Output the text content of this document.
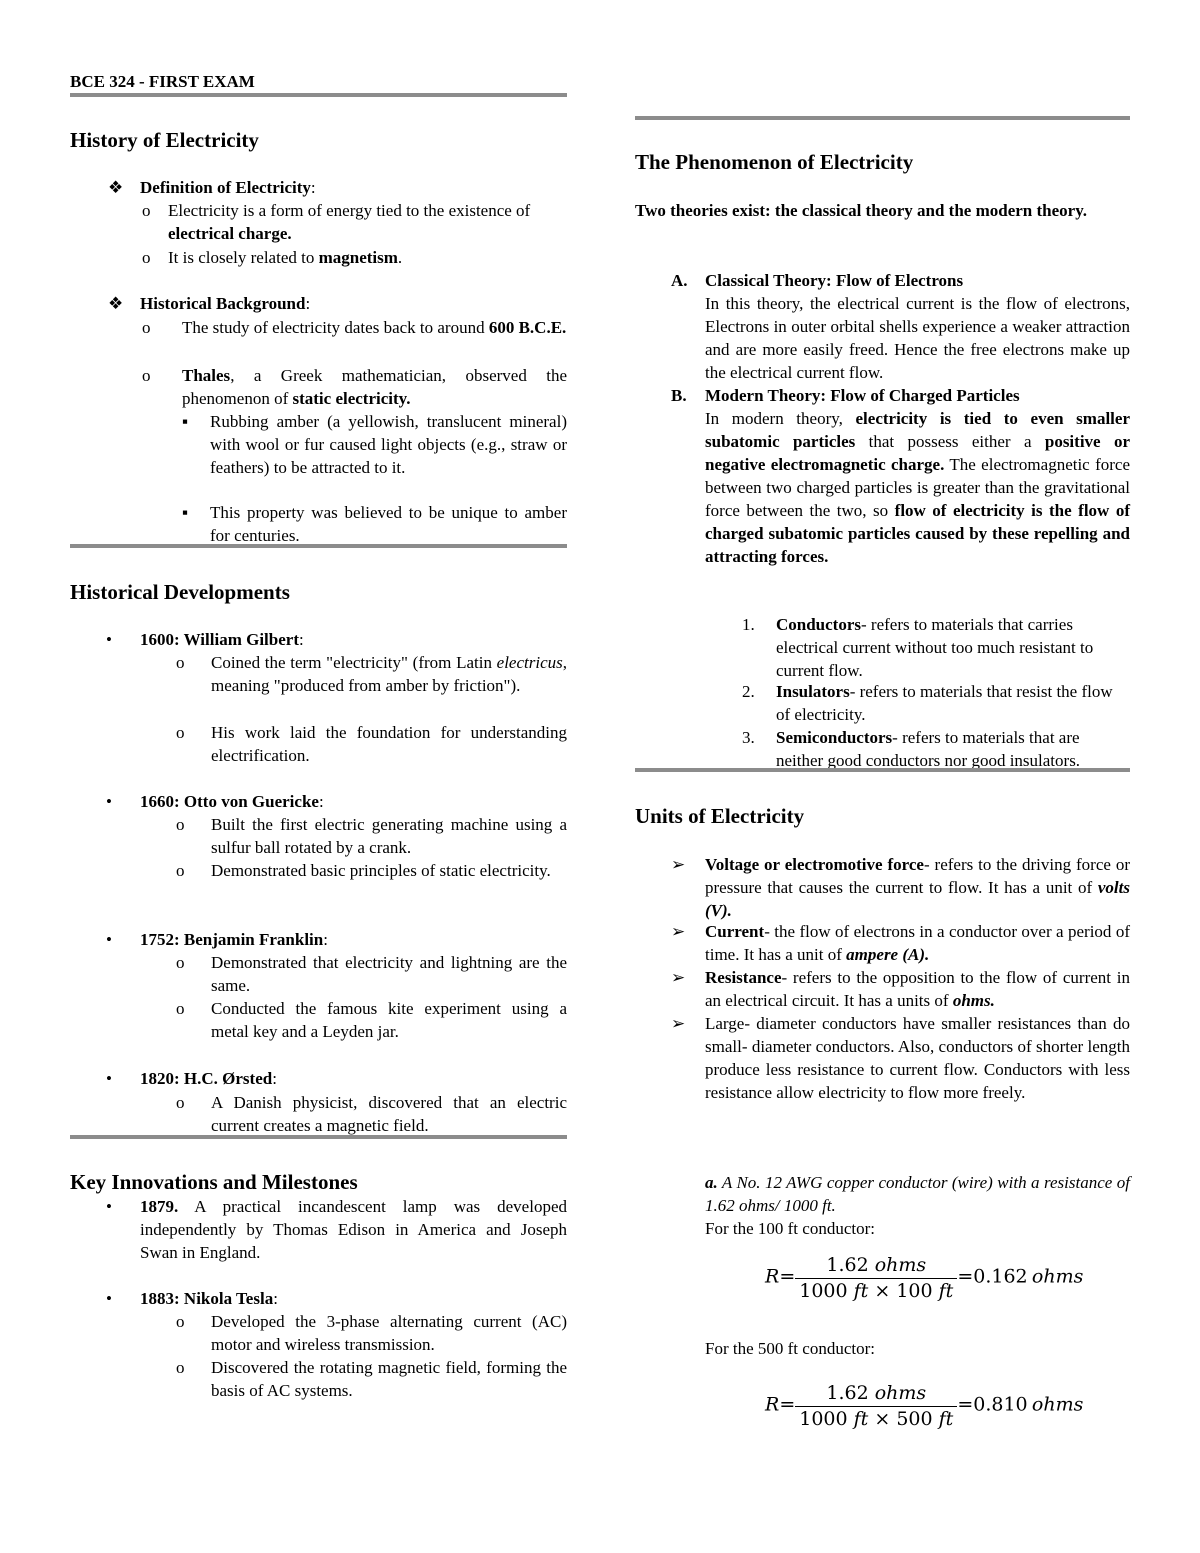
BCE 324 - FIRST EXAM
History of Electricity
❖ Definition of Electricity:
o Electricity is a form of energy tied to the existence of electrical charge.
o It is closely related to magnetism.
❖ Historical Background:
o The study of electricity dates back to around 600 B.C.E.
o Thales, a Greek mathematician, observed the phenomenon of static electricity.
▪ Rubbing amber (a yellowish, translucent mineral) with wool or fur caused light objects (e.g., straw or feathers) to be attracted to it.
▪ This property was believed to be unique to amber for centuries.
Historical Developments
• 1600: William Gilbert:
o Coined the term "electricity" (from Latin electricus, meaning "produced from amber by friction").
o His work laid the foundation for understanding electrification.
• 1660: Otto von Guericke:
o Built the first electric generating machine using a sulfur ball rotated by a crank.
o Demonstrated basic principles of static electricity.
• 1752: Benjamin Franklin:
o Demonstrated that electricity and lightning are the same.
o Conducted the famous kite experiment using a metal key and a Leyden jar.
• 1820: H.C. Ørsted:
o A Danish physicist, discovered that an electric current creates a magnetic field.
Key Innovations and Milestones
• 1879. A practical incandescent lamp was developed independently by Thomas Edison in America and Joseph Swan in England.
• 1883: Nikola Tesla:
o Developed the 3-phase alternating current (AC) motor and wireless transmission.
o Discovered the rotating magnetic field, forming the basis of AC systems.
The Phenomenon of Electricity
Two theories exist: the classical theory and the modern theory.
A. Classical Theory: Flow of Electrons
In this theory, the electrical current is the flow of electrons, Electrons in outer orbital shells experience a weaker attraction and are more easily freed. Hence the free electrons make up the electrical current flow.
B. Modern Theory: Flow of Charged Particles
In modern theory, electricity is tied to even smaller subatomic particles that possess either a positive or negative electromagnetic charge. The electromagnetic force between two charged particles is greater than the gravitational force between the two, so flow of electricity is the flow of charged subatomic particles caused by these repelling and attracting forces.
1. Conductors- refers to materials that carries electrical current without too much resistant to current flow.
2. Insulators- refers to materials that resist the flow of electricity.
3. Semiconductors- refers to materials that are neither good conductors nor good insulators.
Units of Electricity
➢ Voltage or electromotive force- refers to the driving force or pressure that causes the current to flow. It has a unit of volts (V).
➢ Current- the flow of electrons in a conductor over a period of time. It has a unit of ampere (A).
➢ Resistance- refers to the opposition to the flow of current in an electrical circuit. It has a units of ohms.
➢ Large- diameter conductors have smaller resistances than do small- diameter conductors. Also, conductors of shorter length produce less resistance to current flow. Conductors with less resistance allow electricity to flow more freely.
a. A No. 12 AWG copper conductor (wire) with a resistance of 1.62 ohms/ 1000 ft.
For the 100 ft conductor:
$R= \frac{\text{1.62 ohms}}{1000 ft \times 100 ft} =0.162$ ohms
For the 500 ft conductor:
$R= \frac{\text{1.62 ohms}}{1000 ft \times 500 ft} =0.810$ ohms
